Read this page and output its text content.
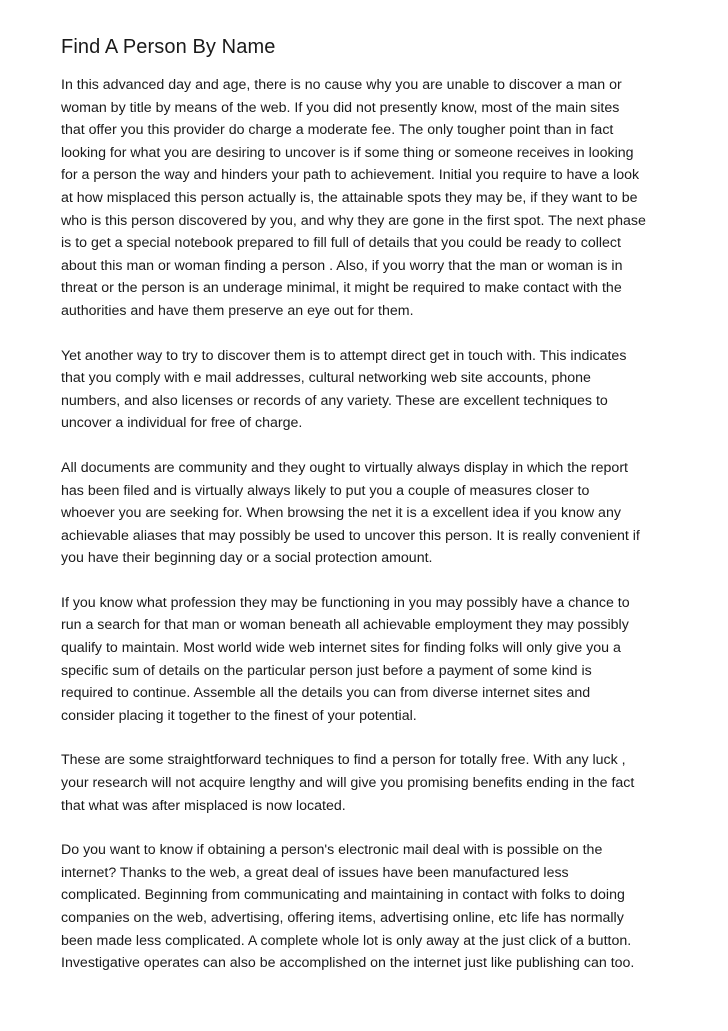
Find A Person By Name

In this advanced day and age, there is no cause why you are unable to discover a man or
woman by title by means of the web. If you did not presently know, most of the main sites
that offer you this provider do charge a moderate fee. The only tougher point than in fact
looking for what you are desiring to uncover is if some thing or someone receives in looking
for a person the way and hinders your path to achievement. Initial you require to have a look
at how misplaced this person actually is, the attainable spots they may be, if they want to be
who is this person discovered by you, and why they are gone in the first spot. The next phase
is to get a special notebook prepared to fill full of details that you could be ready to collect
about this man or woman finding a person . Also, if you worry that the man or woman is in
threat or the person is an underage minimal, it might be required to make contact with the
authorities and have them preserve an eye out for them.

Yet another way to try to discover them is to attempt direct get in touch with. This indicates
that you comply with e mail addresses, cultural networking web site accounts, phone
numbers, and also licenses or records of any variety. These are excellent techniques to
uncover a individual for free of charge.

All documents are community and they ought to virtually always display in which the report
has been filed and is virtually always likely to put you a couple of measures closer to
whoever you are seeking for. When browsing the net it is a excellent idea if you know any
achievable aliases that may possibly be used to uncover this person. It is really convenient if
you have their beginning day or a social protection amount.

If you know what profession they may be functioning in you may possibly have a chance to
run a search for that man or woman beneath all achievable employment they may possibly
qualify to maintain. Most world wide web internet sites for finding folks will only give you a
specific sum of details on the particular person just before a payment of some kind is
required to continue. Assemble all the details you can from diverse internet sites and
consider placing it together to the finest of your potential.

These are some straightforward techniques to find a person for totally free. With any luck ,
your research will not acquire lengthy and will give you promising benefits ending in the fact
that what was after misplaced is now located.

Do you want to know if obtaining a person's electronic mail deal with is possible on the
internet? Thanks to the web, a great deal of issues have been manufactured less
complicated. Beginning from communicating and maintaining in contact with folks to doing
companies on the web, advertising, offering items, advertising online, etc life has normally
been made less complicated. A complete whole lot is only away at the just click of a button.
Investigative operates can also be accomplished on the internet just like publishing can too.
